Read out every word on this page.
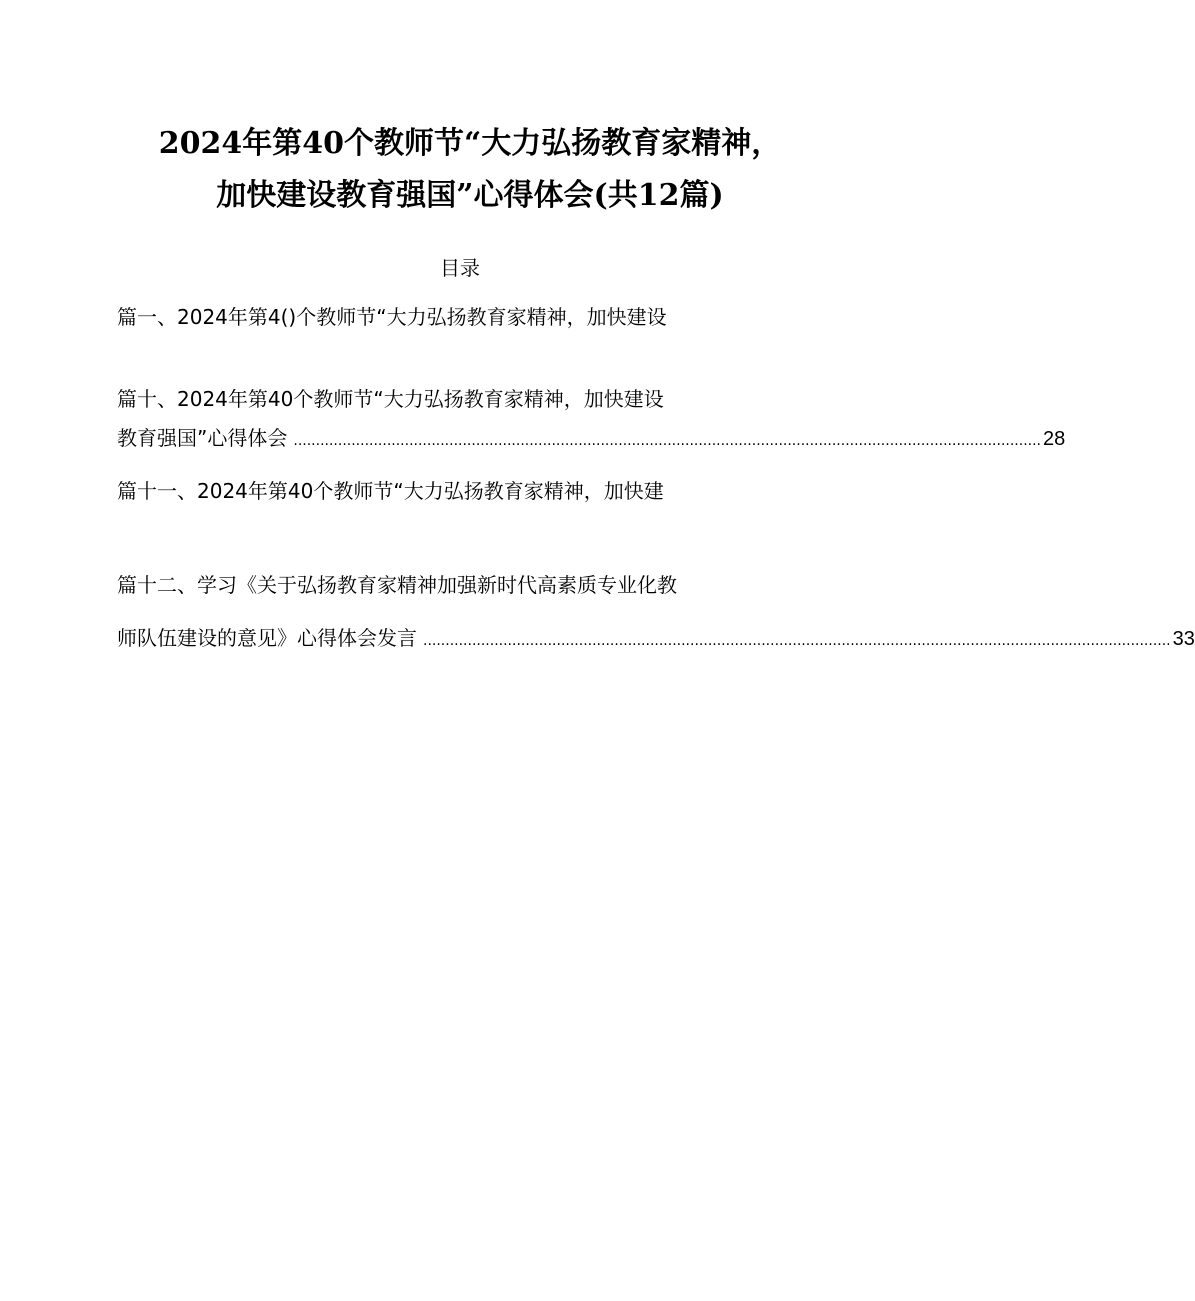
2024年第40个教师节“大力弘扬教育家精神，
加快建设教育强国”心得体会(共12篇)
目录
篇一、2024年第4()个教师节“大力弘扬教育家精神，加快建设
篇十、2024年第40个教师节“大力弘扬教育家精神，加快建设
教育强国”心得体会 ........................................................................................................................................................................ 28
篇十一、2024年第40个教师节“大力弘扬教育家精神，加快建
篇十二、学习《关于弘扬教育家精神加强新时代高素质专业化教
师队伍建设的意见》心得体会发言 ........................................................................................................................................................................ 33
